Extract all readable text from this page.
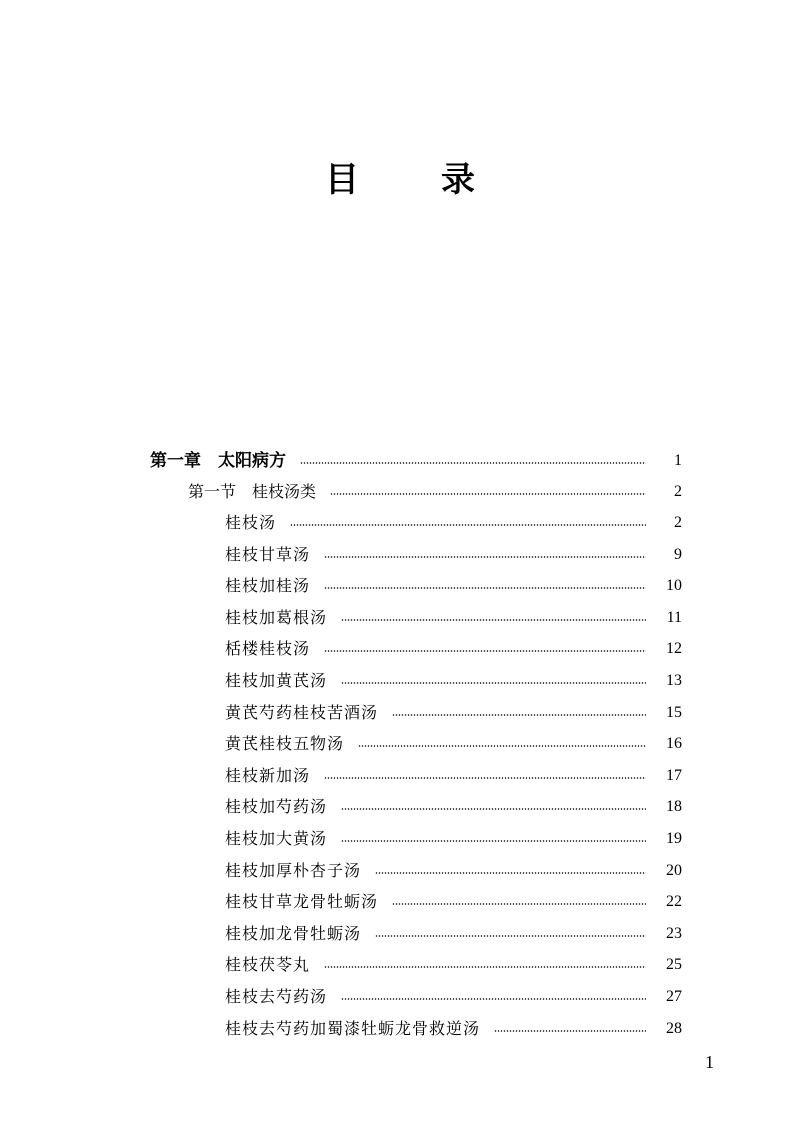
目　录
第一章　太阳病方	1
第一节　桂枝汤类	2
桂枝汤	2
桂枝甘草汤	9
桂枝加桂汤	10
桂枝加葛根汤	11
栝楼桂枝汤	12
桂枝加黄芪汤	13
黄芪芍药桂枝苦酒汤	15
黄芪桂枝五物汤	16
桂枝新加汤	17
桂枝加芍药汤	18
桂枝加大黄汤	19
桂枝加厚朴杏子汤	20
桂枝甘草龙骨牡蛎汤	22
桂枝加龙骨牡蛎汤	23
桂枝茯苓丸	25
桂枝去芍药汤	27
桂枝去芍药加蜀漆牡蛎龙骨救逆汤	28
1
